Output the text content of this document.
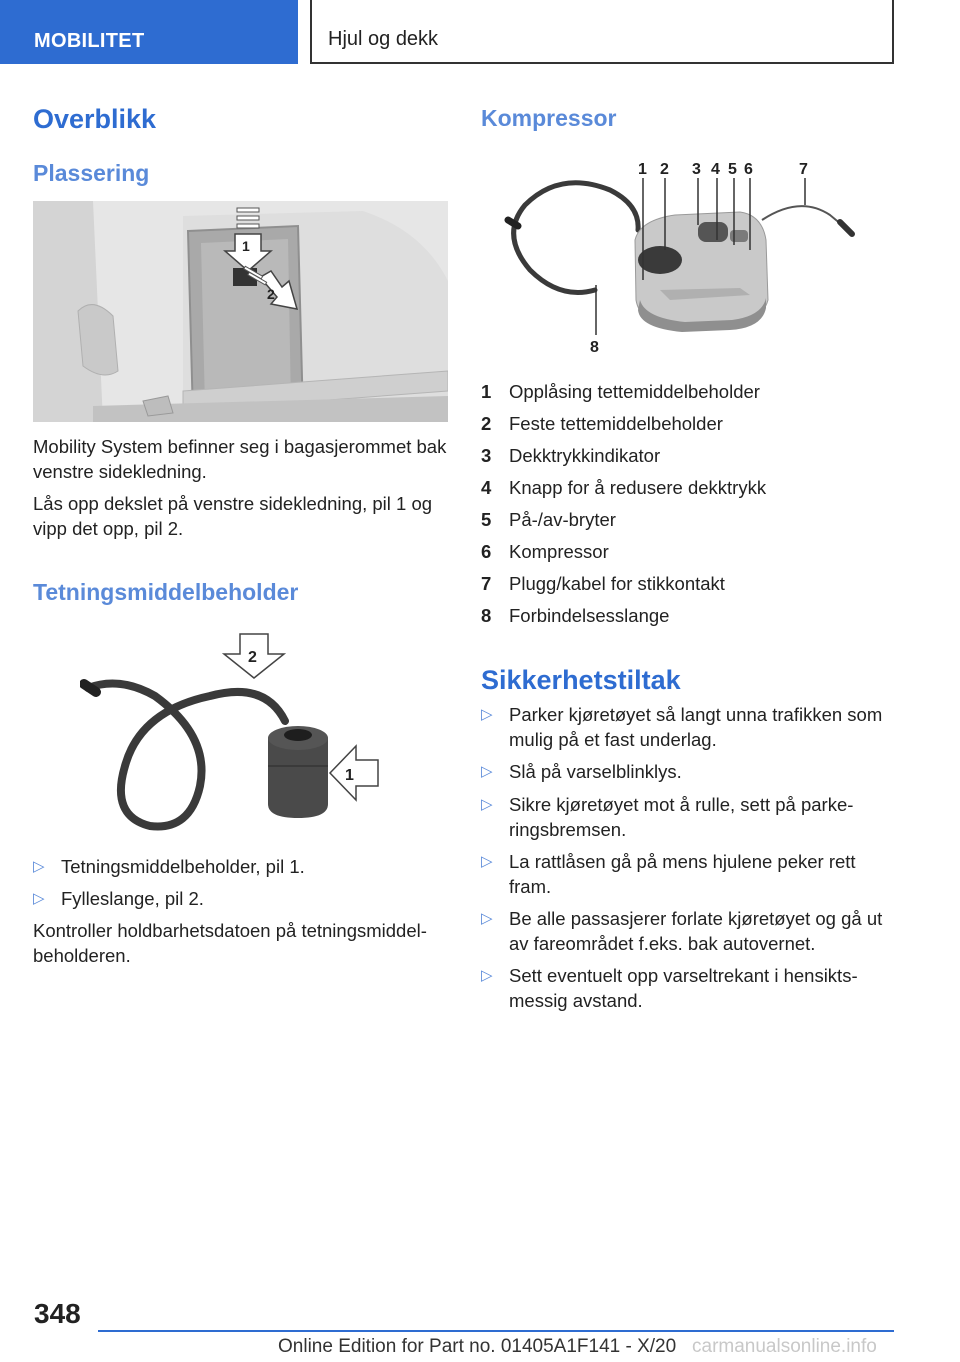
MOBILITET	Hjul og dekk
Overblikk
Plassering
1
2

Mobility System befinner seg i bagasjerommet bak venstre sidekledning.

Lås opp dekslet på venstre sidekledning, pil 1 og vipp det opp, pil 2.

Tetningsmiddelbeholder
2
1
▷ Tetningsmiddelbeholder, pil 1.
▷ Fylleslange, pil 2.

Kontroller holdbarhetsdatoen på tetningsmiddelbeholderen.

Kompressor
1 2 3 4 5 6	7
8
1 Opplåsing tettemiddelbeholder
2 Feste tettemiddelbeholder
3 Dekktrykkindikator
4 Knapp for å redusere dekktrykk
5 På-/av-bryter
6 Kompressor
7 Plugg/kabel for stikkontakt
8 Forbindelsesslange
Sikkerhetstiltak
▷ Parker kjøretøyet så langt unna trafikken som mulig på et fast underlag.
▷ Slå på varselblinklys.
▷ Sikre kjøretøyet mot å rulle, sett på parkeringsbremsen.
▷ La rattlåsen gå på mens hjulene peker rett fram.
▷ Be alle passasjerer forlate kjøretøyet og gå ut av fareområdet f.eks. bak autovernet.
▷ Sett eventuelt opp varseltrekant i hensiktsmessig avstand.
348
Online Edition for Part no. 01405A1F141 - X/20 carmanualsonline.info
